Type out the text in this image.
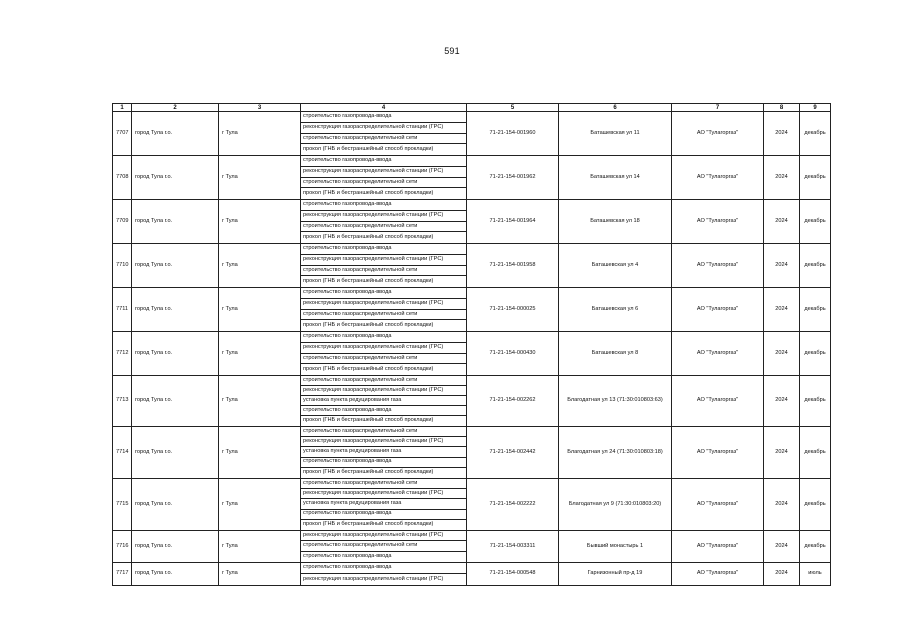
591
1	2	3	4	5	6	7	8	9
7707	город Тула г.о.	г Тула	строительство газопровода-ввода
реконструкция газораспределительной станции (ГРС)
строительство газораспределительной сети
прокол (ГНБ и бестраншейный способ прокладки)	71-21-154-001960	Баташевская ул 11	АО "Тулагоргаз"	2024	декабрь
7708	город Тула г.о.	г Тула	строительство газопровода-ввода
реконструкция газораспределительной станции (ГРС)
строительство газораспределительной сети
прокол (ГНБ и бестраншейный способ прокладки)	71-21-154-001962	Баташевская ул 14	АО "Тулагоргаз"	2024	декабрь
7709	город Тула г.о.	г Тула	строительство газопровода-ввода
реконструкция газораспределительной станции (ГРС)
строительство газораспределительной сети
прокол (ГНБ и бестраншейный способ прокладки)	71-21-154-001964	Баташевская ул 18	АО "Тулагоргаз"	2024	декабрь
7710	город Тула г.о.	г Тула	строительство газопровода-ввода
реконструкция газораспределительной станции (ГРС)
строительство газораспределительной сети
прокол (ГНБ и бестраншейный способ прокладки)	71-21-154-001958	Баташевская ул 4	АО "Тулагоргаз"	2024	декабрь
7711	город Тула г.о.	г Тула	строительство газопровода-ввода
реконструкция газораспределительной станции (ГРС)
строительство газораспределительной сети
прокол (ГНБ и бестраншейный способ прокладки)	71-21-154-000025	Баташевская ул 6	АО "Тулагоргаз"	2024	декабрь
7712	город Тула г.о.	г Тула	строительство газопровода-ввода
реконструкция газораспределительной станции (ГРС)
строительство газораспределительной сети
прокол (ГНБ и бестраншейный способ прокладки)	71-21-154-000430	Баташевская ул 8	АО "Тулагоргаз"	2024	декабрь
7713	город Тула г.о.	г Тула	строительство газораспределительной сети
реконструкция газораспределительной станции (ГРС)
установка пункта редуцирования газа
строительство газопровода-ввода
прокол (ГНБ и бестраншейный способ прокладки)	71-21-154-002262	Благодатная ул 13 (71:30:010803:63)	АО "Тулагоргаз"	2024	декабрь
7714	город Тула г.о.	г Тула	строительство газораспределительной сети
реконструкция газораспределительной станции (ГРС)
установка пункта редуцирования газа
строительство газопровода-ввода
прокол (ГНБ и бестраншейный способ прокладки)	71-21-154-002442	Благодатная ул 24 (71:30:010803:18)	АО "Тулагоргаз"	2024	декабрь
7715	город Тула г.о.	г Тула	строительство газораспределительной сети
реконструкция газораспределительной станции (ГРС)
установка пункта редуцирования газа
строительство газопровода-ввода
прокол (ГНБ и бестраншейный способ прокладки)	71-21-154-002222	Благодатная ул 9 (71:30:010803:20)	АО "Тулагоргаз"	2024	декабрь
7716	город Тула г.о.	г Тула	реконструкция газораспределительной станции (ГРС)
строительство газораспределительной сети
строительство газопровода-ввода	71-21-154-003311	Бывший монастырь 1	АО "Тулагоргаз"	2024	декабрь
7717	город Тула г.о.	г Тула	строительство газопровода-ввода
реконструкция газораспределительной станции (ГРС)	71-21-154-000548	Гарнизонный пр-д 19	АО "Тулагоргаз"	2024	июль
